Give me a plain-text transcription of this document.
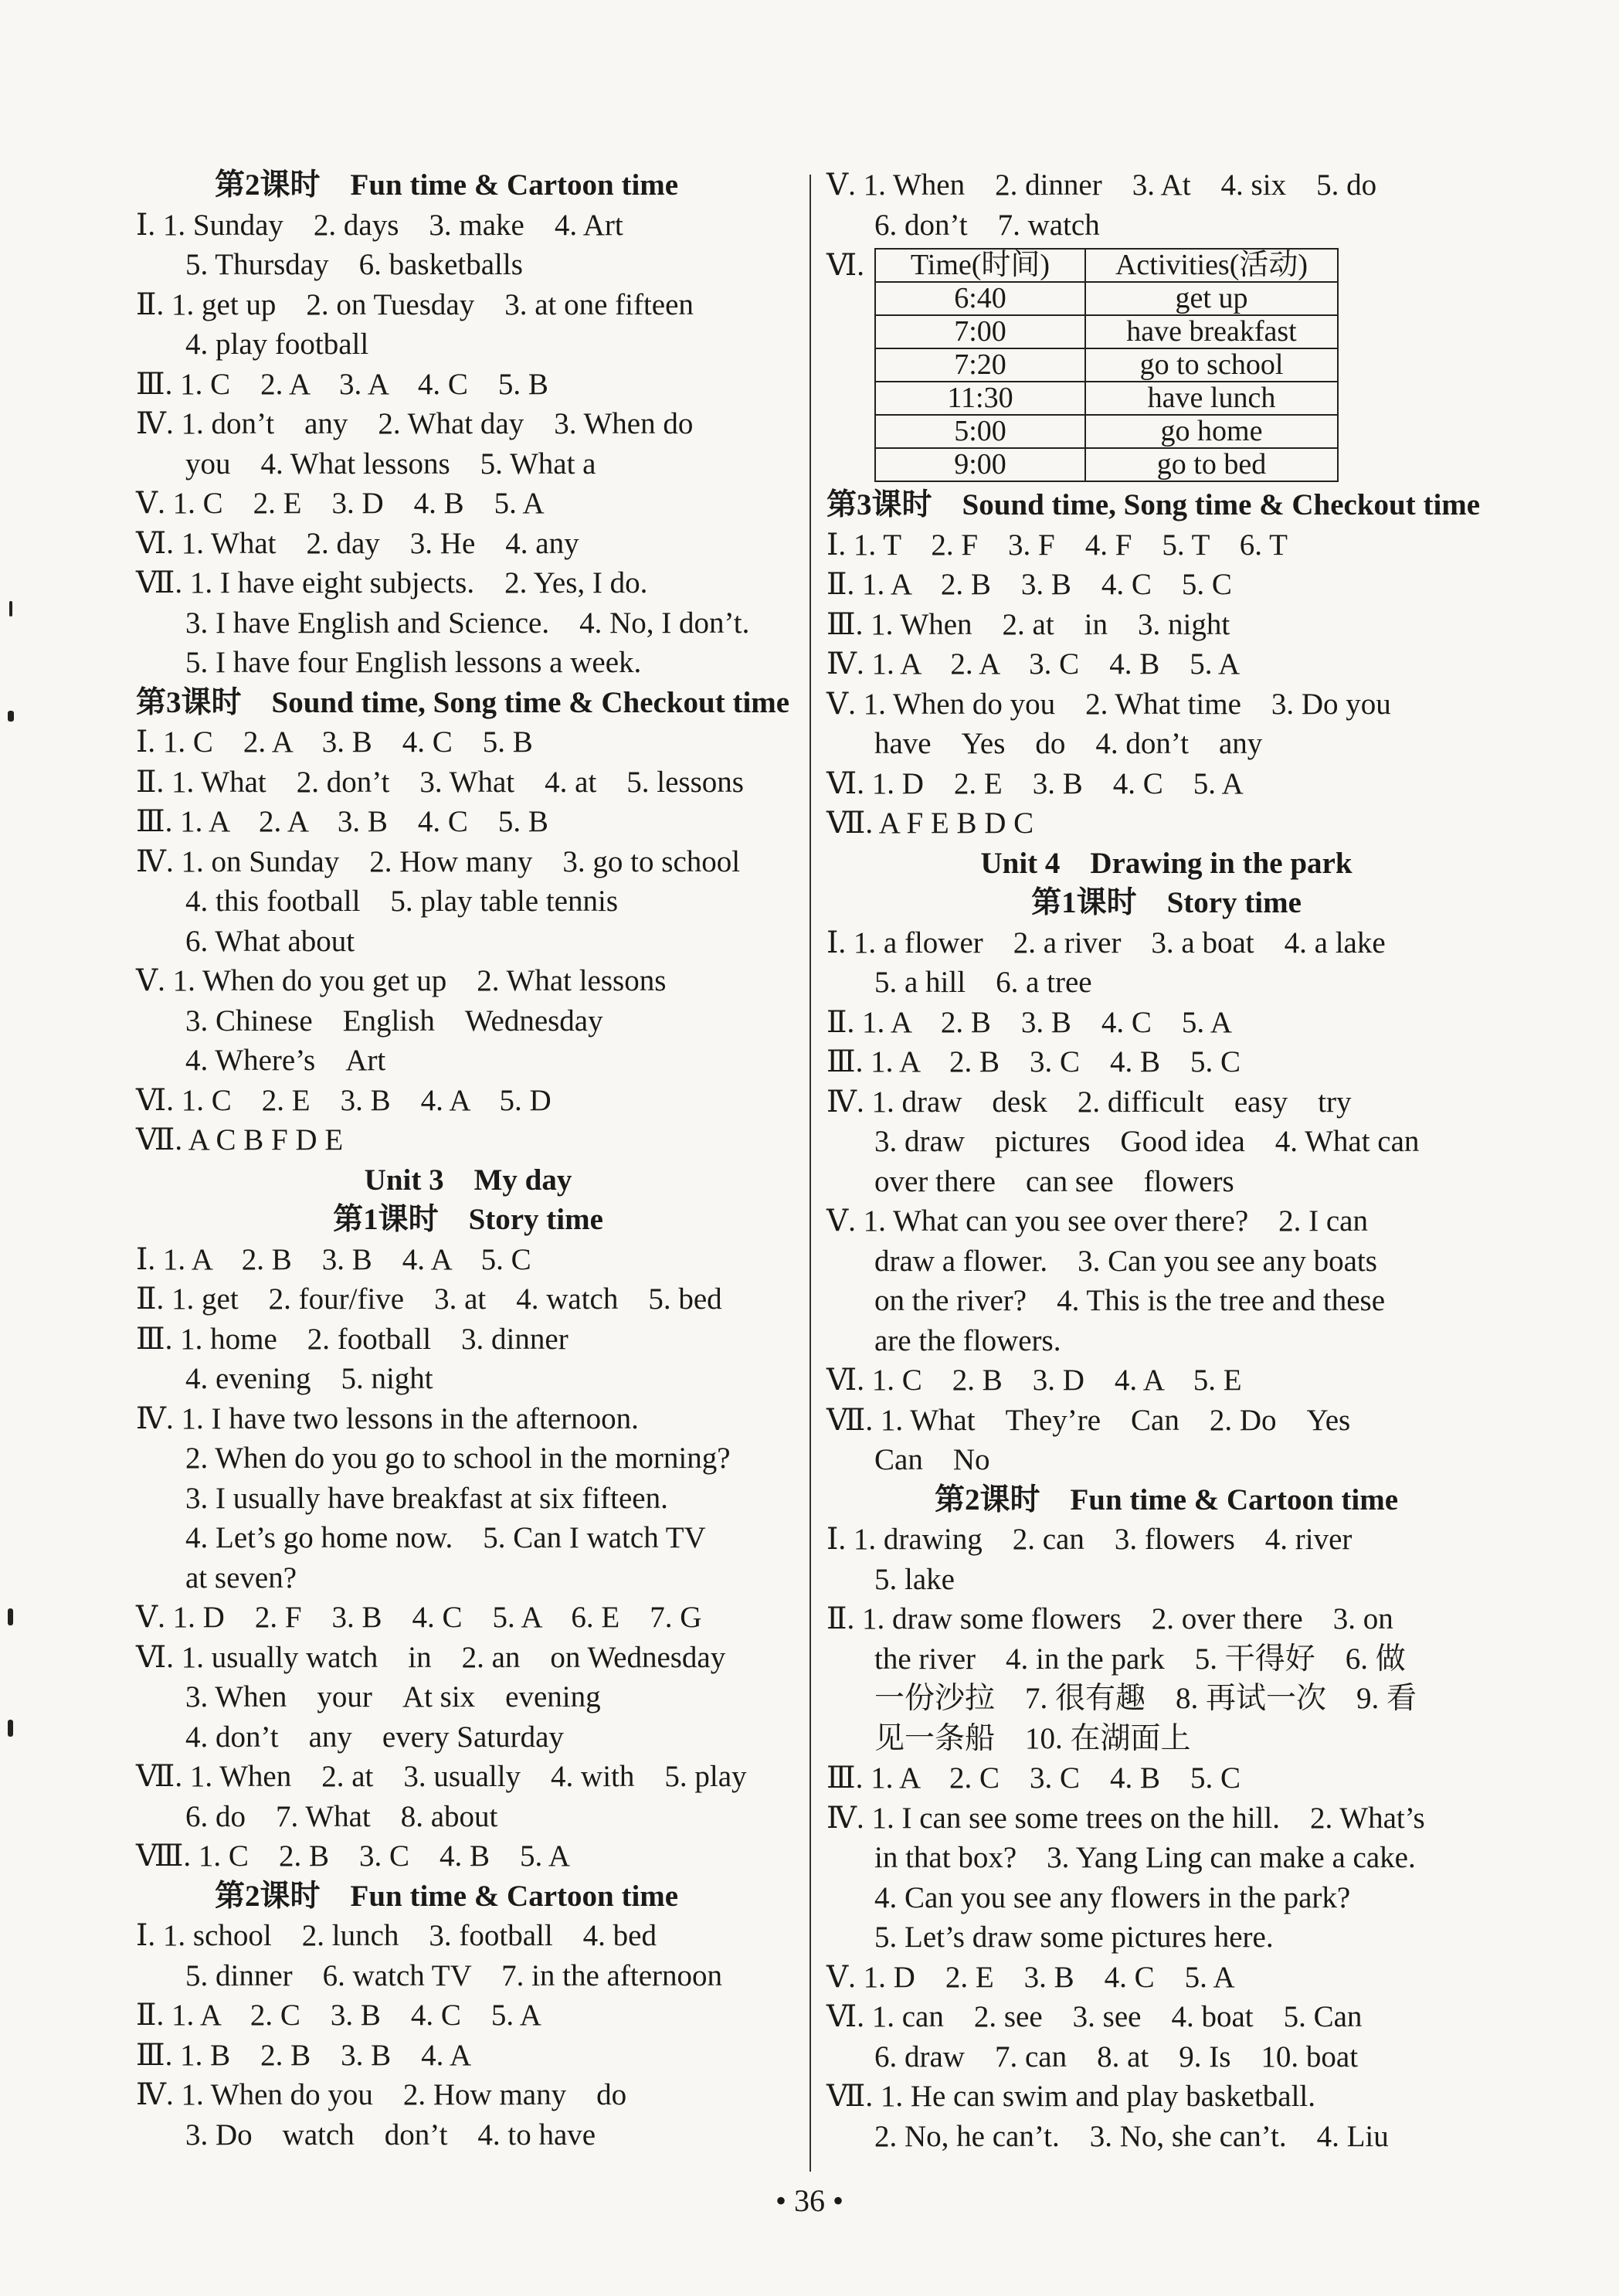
第2课时　Fun time & Cartoon time
Ⅰ. 1. Sunday　2. days　3. make　4. Art
5. Thursday　6. basketballs
Ⅱ. 1. get up　2. on Tuesday　3. at one fifteen
4. play football
Ⅲ. 1. C　2. A　3. A　4. C　5. B
Ⅳ. 1. don’t　any　2. What day　3. When do
you　4. What lessons　5. What a
Ⅴ. 1. C　2. E　3. D　4. B　5. A
Ⅵ. 1. What　2. day　3. He　4. any
Ⅶ. 1. I have eight subjects.　2. Yes, I do.
3. I have English and Science.　4. No, I don’t.
5. I have four English lessons a week.
第3课时　Sound time, Song time & Checkout time
Ⅰ. 1. C　2. A　3. B　4. C　5. B
Ⅱ. 1. What　2. don’t　3. What　4. at　5. lessons
Ⅲ. 1. A　2. A　3. B　4. C　5. B
Ⅳ. 1. on Sunday　2. How many　3. go to school
4. this football　5. play table tennis
6. What about
Ⅴ. 1. When do you get up　2. What lessons
3. Chinese　English　Wednesday
4. Where’s　Art
Ⅵ. 1. C　2. E　3. B　4. A　5. D
Ⅶ. A C B F D E
Unit 3　My day
第1课时　Story time
Ⅰ. 1. A　2. B　3. B　4. A　5. C
Ⅱ. 1. get　2. four/five　3. at　4. watch　5. bed
Ⅲ. 1. home　2. football　3. dinner
4. evening　5. night
Ⅳ. 1. I have two lessons in the afternoon.
2. When do you go to school in the morning?
3. I usually have breakfast at six fifteen.
4. Let’s go home now.　5. Can I watch TV
at seven?
Ⅴ. 1. D　2. F　3. B　4. C　5. A　6. E　7. G
Ⅵ. 1. usually watch　in　2. an　on Wednesday
3. When　your　At six　evening
4. don’t　any　every Saturday
Ⅶ. 1. When　2. at　3. usually　4. with　5. play
6. do　7. What　8. about
Ⅷ. 1. C　2. B　3. C　4. B　5. A
第2课时　Fun time & Cartoon time
Ⅰ. 1. school　2. lunch　3. football　4. bed
5. dinner　6. watch TV　7. in the afternoon
Ⅱ. 1. A　2. C　3. B　4. C　5. A
Ⅲ. 1. B　2. B　3. B　4. A
Ⅳ. 1. When do you　2. How many　do
3. Do　watch　don’t　4. to have
Ⅴ. 1. When　2. dinner　3. At　4. six　5. do
6. don’t　7. watch
Ⅵ. Time(时间)	Activities(活动)
6:40	get up
7:00	have breakfast
7:20	go to school
11:30	have lunch
5:00	go home
9:00	go to bed
第3课时　Sound time, Song time & Checkout time
Ⅰ. 1. T　2. F　3. F　4. F　5. T　6. T
Ⅱ. 1. A　2. B　3. B　4. C　5. C
Ⅲ. 1. When　2. at　in　3. night
Ⅳ. 1. A　2. A　3. C　4. B　5. A
Ⅴ. 1. When do you　2. What time　3. Do you
have　Yes　do　4. don’t　any
Ⅵ. 1. D　2. E　3. B　4. C　5. A
Ⅶ. A F E B D C
Unit 4　Drawing in the park
第1课时　Story time
Ⅰ. 1. a flower　2. a river　3. a boat　4. a lake
5. a hill　6. a tree
Ⅱ. 1. A　2. B　3. B　4. C　5. A
Ⅲ. 1. A　2. B　3. C　4. B　5. C
Ⅳ. 1. draw　desk　2. difficult　easy　try
3. draw　pictures　Good idea　4. What can
over there　can see　flowers
Ⅴ. 1. What can you see over there?　2. I can
draw a flower.　3. Can you see any boats
on the river?　4. This is the tree and these
are the flowers.
Ⅵ. 1. C　2. B　3. D　4. A　5. E
Ⅶ. 1. What　They’re　Can　2. Do　Yes
Can　No
第2课时　Fun time & Cartoon time
Ⅰ. 1. drawing　2. can　3. flowers　4. river
5. lake
Ⅱ. 1. draw some flowers　2. over there　3. on
the river　4. in the park　5. 干得好　6. 做
一份沙拉　7. 很有趣　8. 再试一次　9. 看
见一条船　10. 在湖面上
Ⅲ. 1. A　2. C　3. C　4. B　5. C
Ⅳ. 1. I can see some trees on the hill.　2. What’s
in that box?　3. Yang Ling can make a cake.
4. Can you see any flowers in the park?
5. Let’s draw some pictures here.
Ⅴ. 1. D　2. E　3. B　4. C　5. A
Ⅵ. 1. can　2. see　3. see　4. boat　5. Can
6. draw　7. can　8. at　9. Is　10. boat
Ⅶ. 1. He can swim and play basketball.
2. No, he can’t.　3. No, she can’t.　4. Liu
• 36 •
